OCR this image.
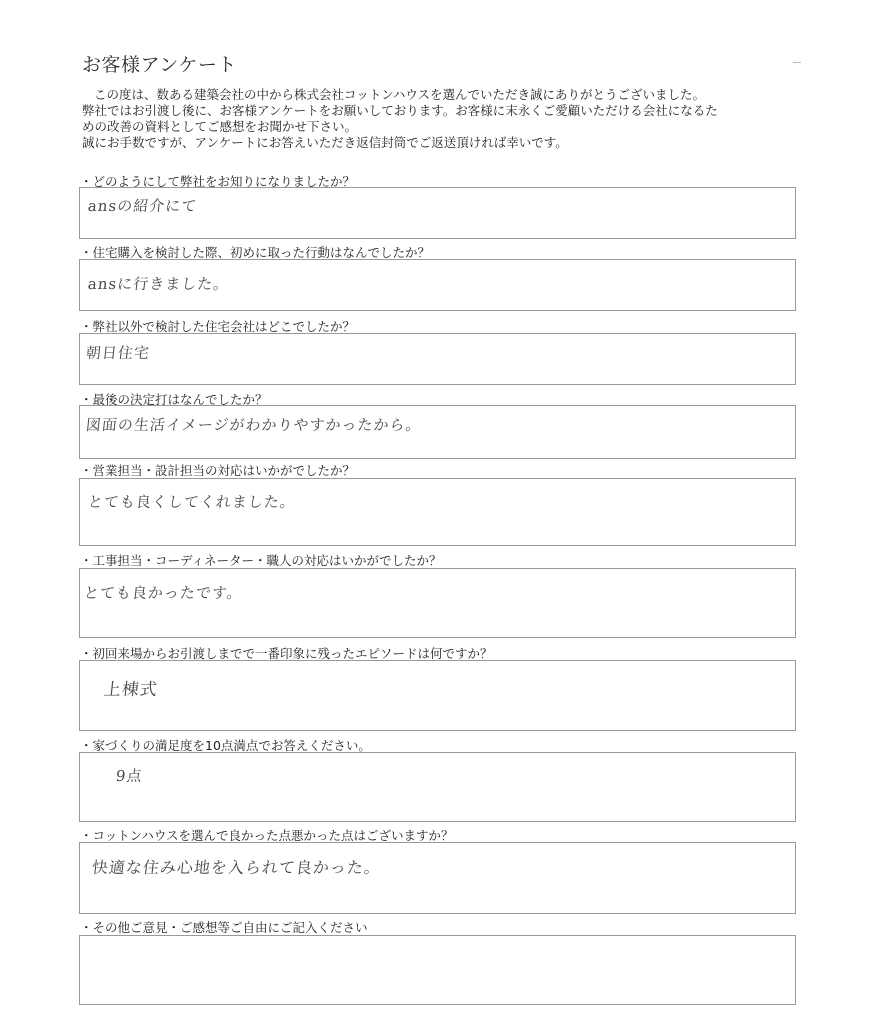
お客様アンケート
この度は、数ある建築会社の中から株式会社コットンハウスを選んでいただき誠にありがとうございました。
弊社ではお引渡し後に、お客様アンケートをお願いしております。お客様に末永くご愛顧いただける会社になるた
めの改善の資料としてご感想をお聞かせ下さい。
誠にお手数ですが、アンケートにお答えいただき返信封筒でご返送頂ければ幸いです。
・どのようにして弊社をお知りになりましたか？
ansの紹介にて
・住宅購入を検討した際、初めに取った行動はなんでしたか？
ansに行きました。
・弊社以外で検討した住宅会社はどこでしたか？
朝日住宅
・最後の決定打はなんでしたか？
図面の生活イメージがわかりやすかったから。
・営業担当・設計担当の対応はいかがでしたか？
とても良くしてくれました。
・工事担当・コーディネーター・職人の対応はいかがでしたか？
とても良かったです。
・初回来場からお引渡しまでで一番印象に残ったエピソードは何ですか？
上棟式
・家づくりの満足度を10点満点でお答えください。
9点
・コットンハウスを選んで良かった点悪かった点はございますか？
快適な住み心地を入られて良かった。
・その他ご意見・ご感想等ご自由にご記入ください
